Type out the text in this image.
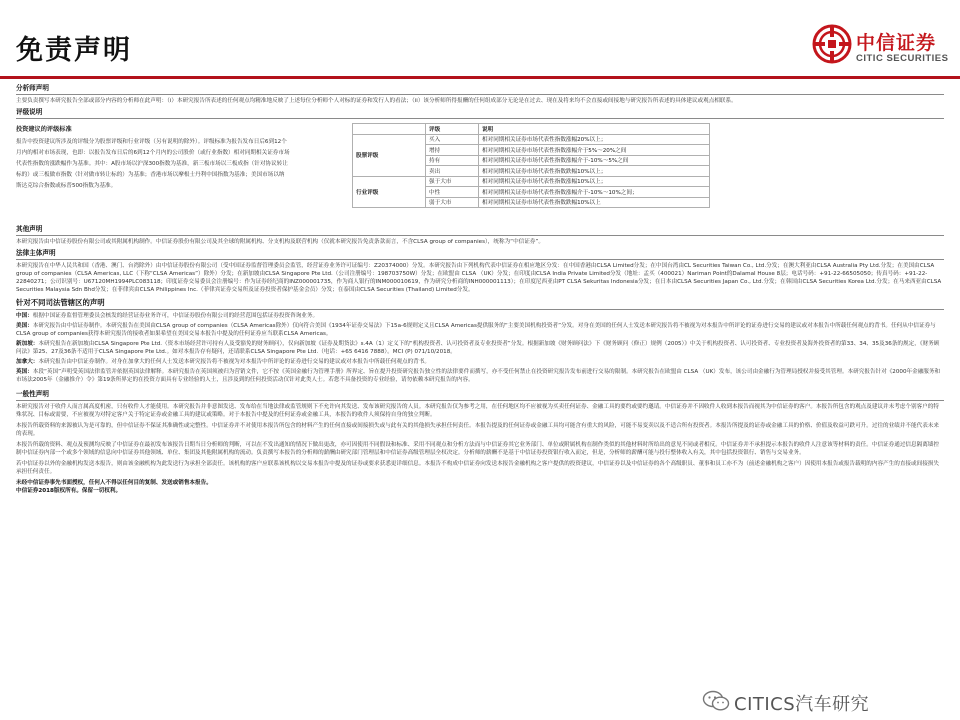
免责声明	中信证券
CITIC SECURITIES
分析师声明
主要负责撰写本研究报告全部或部分内容的分析师在此声明：（i）本研究报告所表述的任何观点均精准地反映了上述每位分析师个人对标的证券和发行人的看法；（ii）该分析师所得报酬的任何组成部分无论是在过去、现在及将来均不会直接或间接地与研究报告所表述的具体建议或观点相联系。
评级说明
投资建议的评级标准
报告中投资建议所涉及的评级分为股票评级和行业评级（另有说明的除外）。评级标准为报告发布日后6到12个月内的相对市场表现，也即：以报告发布日后的6到12个月内的公司股价（或行业指数）相对同期相关证券市场代表性指数的涨跌幅作为基准。其中：A股市场以沪深300指数为基准，新三板市场以三板成指（针对协议转让标的）或三板做市指数（针对做市转让标的）为基准；香港市场以摩根士丹利中国指数为基准；美国市场以纳斯达克综合指数或标普500指数为基准。
	评级	说明
股票评级	买入	相对同期相关证券市场代表性指数涨幅20%以上；
	增持	相对同期相关证券市场代表性指数涨幅介于5%～20%之间
	持有	相对同期相关证券市场代表性指数涨幅介于-10%～5%之间
	卖出	相对同期相关证券市场代表性指数跌幅10%以上；
行业评级	强于大市	相对同期相关证券市场代表性指数涨幅10%以上；
	中性	相对同期相关证券市场代表性指数涨幅介于-10%～10%之间；
	弱于大市	相对同期相关证券市场代表性指数跌幅10%以上
其他声明
本研究报告由中信证券股份有限公司或其附属机构制作。中信证券股份有限公司及其全球的附属机构、分支机构及联营机构（仅就本研究报告免责条款而言，不含CLSA group of companies），统称为“中信证券”。
法律主体声明
本研究报告在中华人民共和国（香港、澳门、台湾除外）由中信证券股份有限公司（受中国证券监督管理委员会监管，经营证券业务许可证编号：Z20374000）分发。本研究报告由下列机构代表中信证券在相应地区分发：在中国香港由CLSA Limited分发；在中国台湾由CL Securities Taiwan Co., Ltd.分发；在澳大利亚由CLSA Australia Pty Ltd.分发；在美国由CLSA group of companies（CLSA Americas, LLC（下称“CLSA Americas”）除外）分发；在新加坡由CLSA Singapore Pte Ltd.（公司注册编号：198703750W）分发；在欧盟由 CLSA （UK）分发；在印度由CLSA India Private Limited分发（地址：孟买（400021）Nariman Point的Dalamal House 8层；电话号码：+91-22-66505050；传真号码：+91-22-22840271；公司识别号：U67120MH1994PLC083118；印度证券交易委员会注册编号：作为证券经纪商的INZ000001735，作为商人银行的INM000010619，作为研究分析商的INH000001113）；在印度尼西亚由PT CLSA Sekuritas Indonesia分发；在日本由CLSA Securities Japan Co., Ltd.分发；在韩国由CLSA Securities Korea Ltd.分发；在马来西亚由CLSA Securities Malaysia Sdn Bhd分发；在菲律宾由CLSA Philippines Inc.（菲律宾证券交易所及证券投资者保护基金会员）分发；在泰国由CLSA Securities (Thailand) Limited分发。
针对不同司法管辖区的声明
中国：根据中国证券监督管理委员会核发的经营证券业务许可，中信证券股份有限公司的经营范围包括证券投资咨询业务。
美国：本研究报告由中信证券制作。本研究报告在美国由CLSA group of companies（CLSA Americas除外）仅向符合美国《1934年证券交易法》下15a-6规则定义且CLSA Americas提供服务的“主要美国机构投资者”分发。对身在美国的任何人士发送本研究报告将不被视为对本报告中所评论的证券进行交易的建议或对本报告中所载任何观点的背书。任何从中信证券与CLSA group of companies获得本研究报告的接收者如果希望在美国交易本报告中提及的任何证券应当联系CLSA Americas。
新加坡：本研究报告在新加坡由CLSA Singapore Pte Ltd.（资本市场经营许可持有人及受豁免的财务顾问），仅向新加坡《证券及期货法》s.4A（1）定义下的“机构投资者、认可投资者及专业投资者”分发。根据新加坡《财务顾问法》下《财务顾问（修正）规例（2005）》中关于机构投资者、认可投资者、专业投资者及海外投资者的第33、34、35及36条的规定，《财务顾问法》第25、27及36条不适用于CLSA Singapore Pte Ltd.。如对本报告存有疑问，还请联系CLSA Singapore Pte Ltd.（电话：+65 6416 7888）。MCI (P) 071/10/2018。
加拿大：本研究报告由中信证券制作。对身在加拿大的任何人士发送本研究报告将不被视为对本报告中所评论的证券进行交易的建议或对本报告中所载任何观点的背书。
英国：本段“英国”声明受英国法律监管并依据英国法律解释。本研究报告在英国须被归为营销文件，它不按《英国金融行为管理手册》所界定、旨在提升投资研究报告独立性的法律要件而撰写，亦不受任何禁止在投资研究报告发布前进行交易的限制。本研究报告在欧盟由 CLSA （UK）发布，该公司由金融行为管理局授权并接受其管理。本研究报告针对《2000年金融服务和市场法2005年（金融推介）令》第19条所界定的在投资方面具有专业经验的人士，且涉及到的任何投资活动仅针对此类人士。若您不具备投资的专业经验，请勿依赖本研究报告的内容。
一般性声明
本研究报告对于收件人而言属高度机密，只有收件人才能使用。本研究报告并非意图发送、发布给在当地法律或监管规则下不允许向其发送、发布该研究报告的人员。本研究报告仅为参考之用，在任何地区均不应被视为买卖任何证券、金融工具的要约或要约邀请。中信证券并不因收件人收到本报告而视其为中信证券的客户。本报告所包含的观点及建议并未考虑个别客户的特殊状况、目标或需要，不应被视为对特定客户关于特定证券或金融工具的建议或策略。对于本报告中提及的任何证券或金融工具，本报告的收件人须保持自身的独立判断。
本报告所载资料的来源被认为是可靠的，但中信证券不保证其准确性或完整性。中信证券并不对使用本报告所包含的材料产生的任何直接或间接损失或与此有关的其他损失承担任何责任。本报告提及的任何证券或金融工具均可能含有重大的风险，可能不易变卖以及不适合所有投资者。本报告所提及的证券或金融工具的价格、价值及收益可跌可升。过往的业绩并不能代表未来的表现。
本报告所载的资料、观点及预测均反映了中信证券在最初发布该报告日期当日分析师的判断，可以在不发出通知的情况下做出更改，亦可因使用不同假设和标准、采用不同观点和分析方法而与中信证券其它业务部门、单位或附属机构在制作类似的其他材料时所给出的意见不同或者相反。中信证券并不承担提示本报告的收件人注意该等材料的责任。中信证券通过信息隔离墙控制中信证券内部一个或多个领域的信息向中信证券其他领域、单位、集团及其他附属机构的流动。负责撰写本报告的分析师的薪酬由研究部门管理层和中信证券高级管理层全权决定。分析师的薪酬不是基于中信证券投资银行收入而定，但是，分析师的薪酬可能与投行整体收入有关，其中包括投资银行、销售与交易业务。
若中信证券以外的金融机构发送本报告，则由该金融机构为此发送行为承担全部责任。该机构的客户应联系该机构以交易本报告中提及的证券或要求获悉更详细信息。本报告不构成中信证券向发送本报告金融机构之客户提供的投资建议，中信证券以及中信证券的各个高级职员、董事和员工亦不为（前述金融机构之客户）因使用本报告或报告载明的内容产生的直接或间接损失承担任何责任。
未经中信证券事先书面授权，任何人不得以任何目的复制、发送或销售本报告。
中信证券2018版权所有。保留一切权利。
CITICS汽车研究
